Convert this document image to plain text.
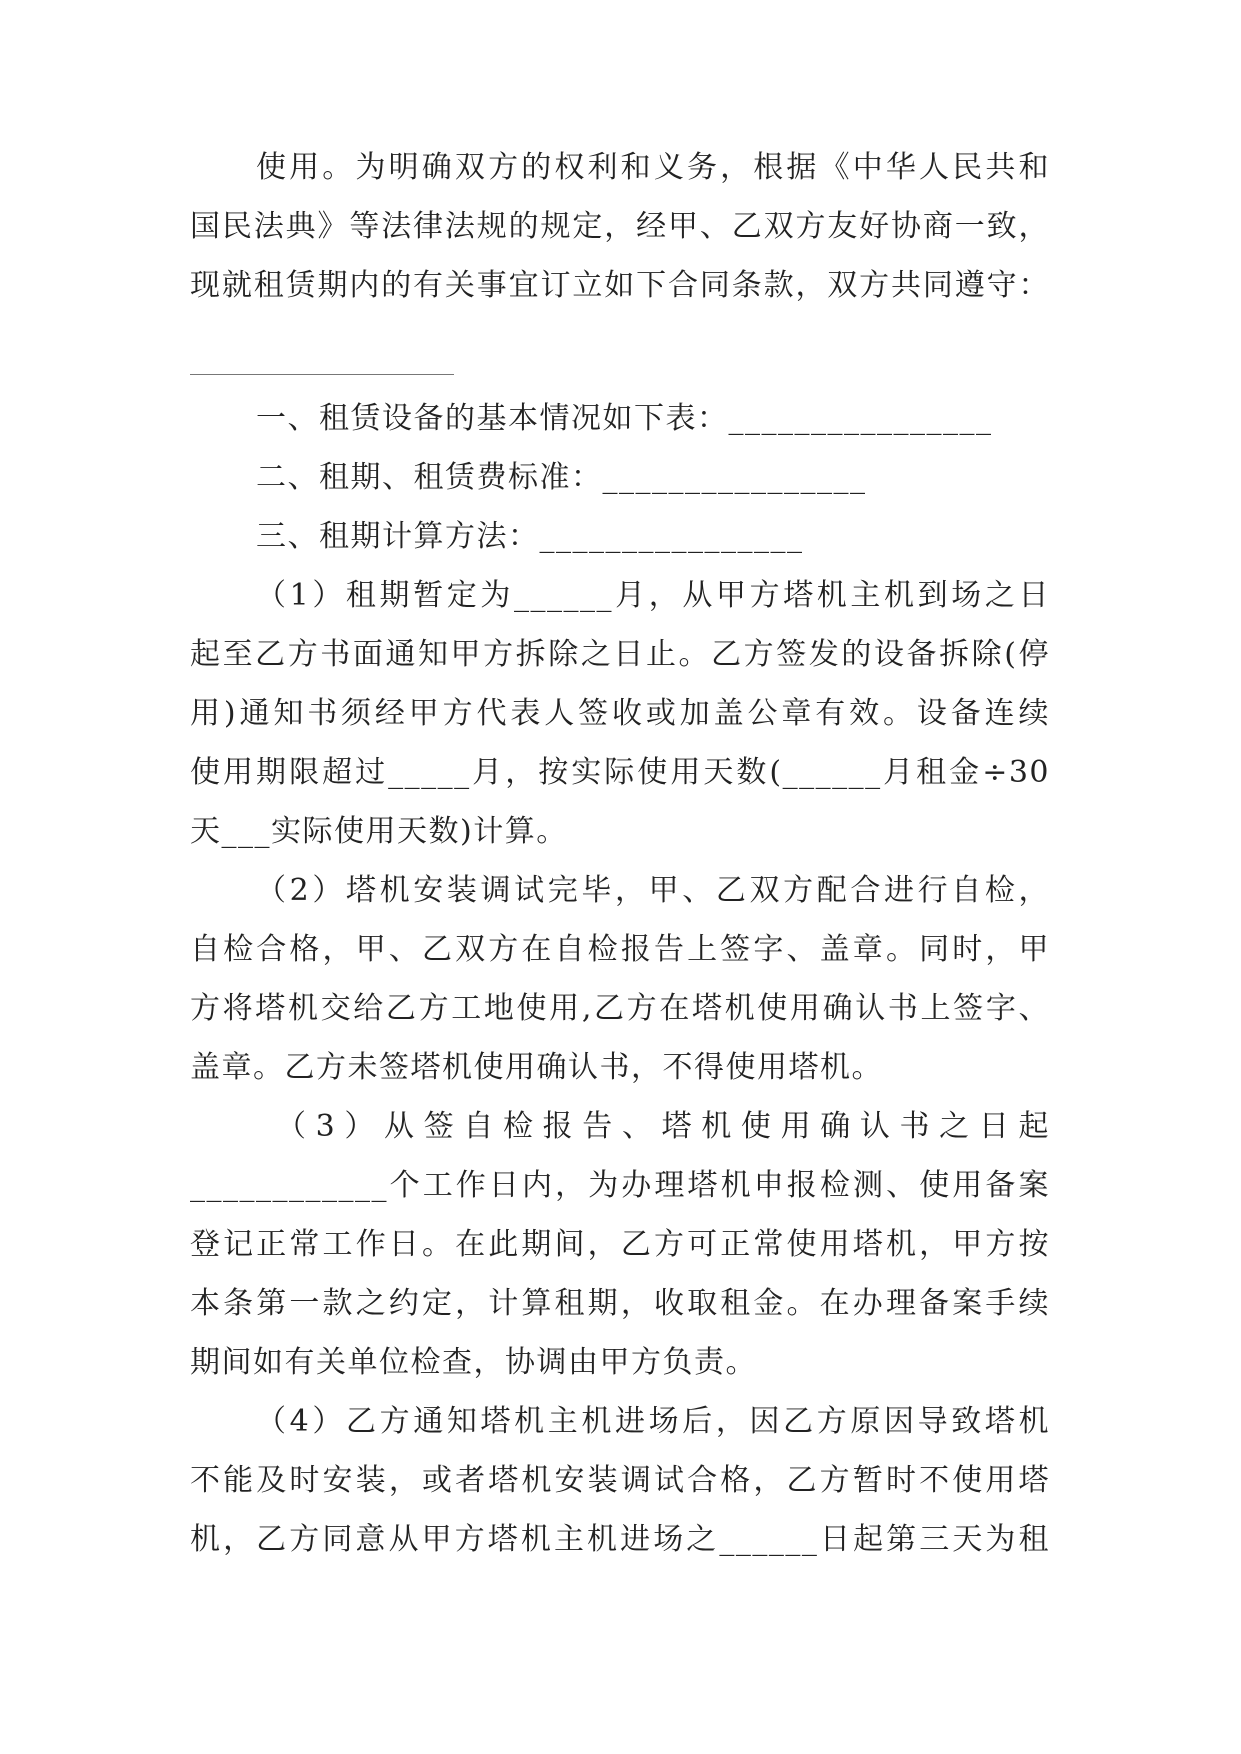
使用。为明确双方的权利和义务，根据《中华人民共和
国民法典》等法律法规的规定，经甲、乙双方友好协商一致，
现就租赁期内的有关事宜订立如下合同条款，双方共同遵守：
一、租赁设备的基本情况如下表：________________
二、租期、租赁费标准：________________
三、租期计算方法：________________
（1）租期暂定为______月，从甲方塔机主机到场之日
起至乙方书面通知甲方拆除之日止。乙方签发的设备拆除(停
用)通知书须经甲方代表人签收或加盖公章有效。设备连续
使用期限超过_____月，按实际使用天数(______月租金÷30
天___实际使用天数)计算。
（2）塔机安装调试完毕，甲、乙双方配合进行自检，
自检合格，甲、乙双方在自检报告上签字、盖章。同时，甲
方将塔机交给乙方工地使用,乙方在塔机使用确认书上签字、
盖章。乙方未签塔机使用确认书，不得使用塔机。
（3）从签自检报告、塔机使用确认书之日起
____________个工作日内，为办理塔机申报检测、使用备案
登记正常工作日。在此期间，乙方可正常使用塔机，甲方按
本条第一款之约定，计算租期，收取租金。在办理备案手续
期间如有关单位检查，协调由甲方负责。
（4）乙方通知塔机主机进场后，因乙方原因导致塔机
不能及时安装，或者塔机安装调试合格，乙方暂时不使用塔
机，乙方同意从甲方塔机主机进场之______日起第三天为租
